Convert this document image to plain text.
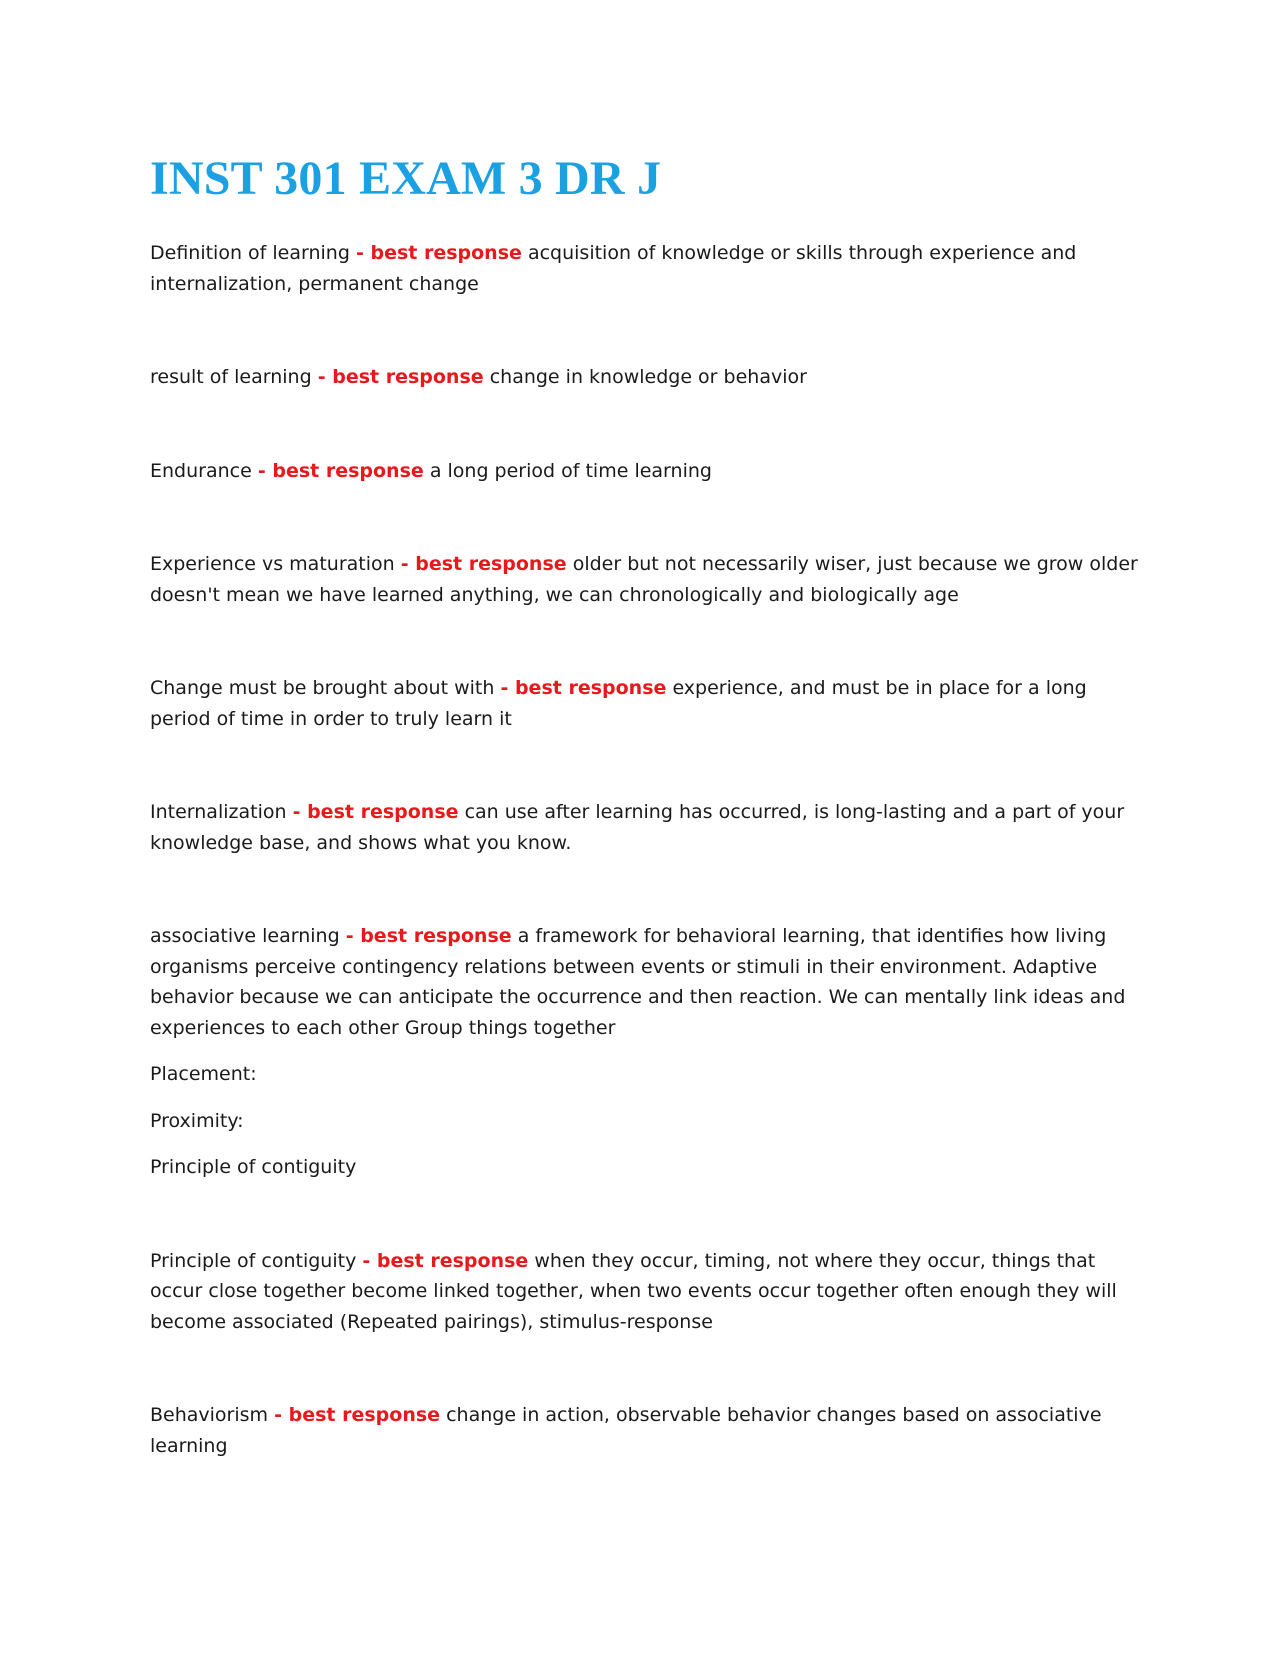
INST 301 EXAM 3 DR J

Definition of learning - best response acquisition of knowledge or skills through experience and internalization, permanent change

result of learning - best response change in knowledge or behavior

Endurance - best response a long period of time learning

Experience vs maturation - best response older but not necessarily wiser, just because we grow older doesn't mean we have learned anything, we can chronologically and biologically age

Change must be brought about with - best response experience, and must be in place for a long period of time in order to truly learn it

Internalization - best response can use after learning has occurred, is long-lasting and a part of your knowledge base, and shows what you know.

associative learning - best response a framework for behavioral learning, that identifies how living organisms perceive contingency relations between events or stimuli in their environment. Adaptive behavior because we can anticipate the occurrence and then reaction. We can mentally link ideas and experiences to each other Group things together

Placement:

Proximity:

Principle of contiguity

Principle of contiguity - best response when they occur, timing, not where they occur, things that occur close together become linked together, when two events occur together often enough they will become associated (Repeated pairings), stimulus-response

Behaviorism - best response change in action, observable behavior changes based on associative learning
